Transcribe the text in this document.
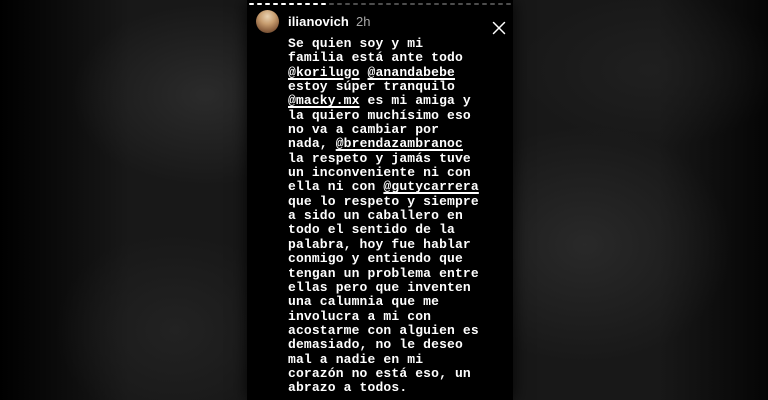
ilianovich 2h
Se quien soy y mi
familia está ante todo
@korilugo @anandabebe
estoy súper tranquilo
@macky.mx es mi amiga y
la quiero muchísimo eso
no va a cambiar por
nada, @brendazambranoc
la respeto y jamás tuve
un inconveniente ni con
ella ni con @gutycarrera
que lo respeto y siempre
a sido un caballero en
todo el sentido de la
palabra, hoy fue hablar
conmigo y entiendo que
tengan un problema entre
ellas pero que inventen
una calumnia que me
involucra a mi con
acostarme con alguien es
demasiado, no le deseo
mal a nadie en mi
corazón no está eso, un
abrazo a todos.
